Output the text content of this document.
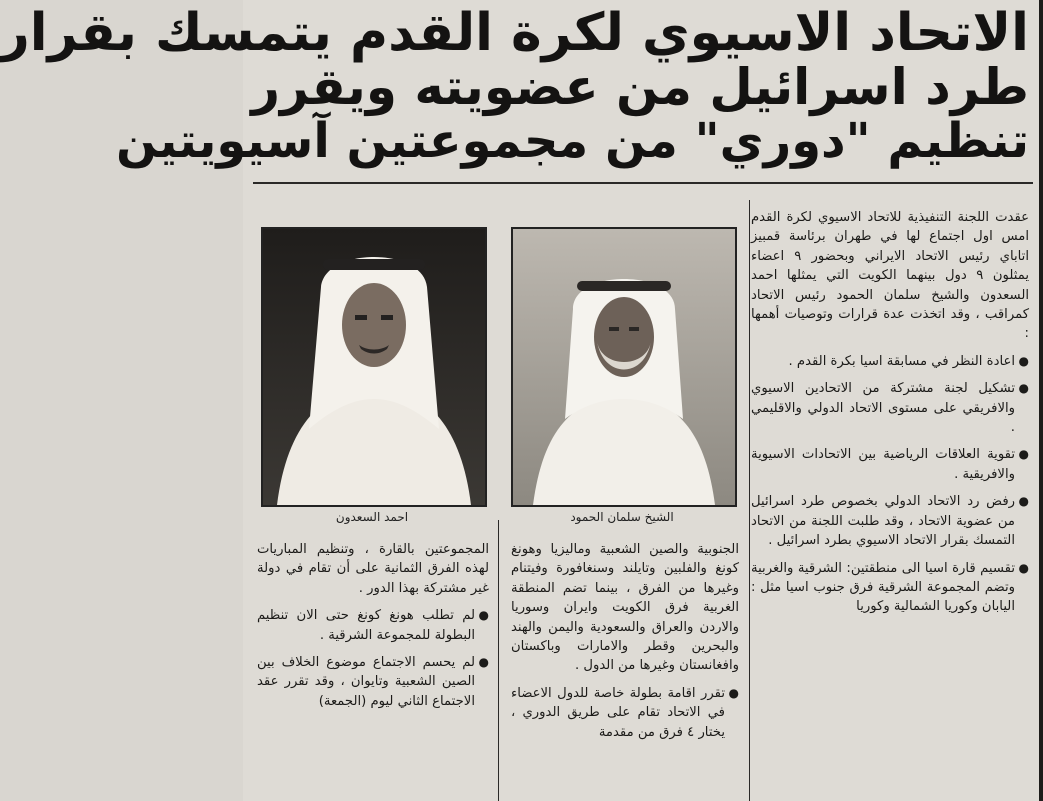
الاتحاد الاسيوي لكرة القدم يتمسك بقرار
طرد اسرائيل من عضويته ويقرر
تنظيم "دوري" من مجموعتين آسيويتين
الشيخ سلمان الحمود
احمد السعدون

عقدت اللجنة التنفيذية للاتحاد الاسيوي لكرة القدم امس اول اجتماع لها في طهران برئاسة قمبيز اتاباي رئيس الاتحاد الايراني وبحضور ٩ اعضاء يمثلون ٩ دول بينهما الكويت التي يمثلها احمد السعدون والشيخ سلمان الحمود رئيس الاتحاد كمراقب ، وقد اتخذت عدة قرارات وتوصيات أهمها :

● اعادة النظر في مسابقة اسيا بكرة القدم .

● تشكيل لجنة مشتركة من الاتحادين الاسيوي والافريقي على مستوى الاتحاد الدولي والاقليمي .

● تقوية العلاقات الرياضية بين الاتحادات الاسيوية والافريقية .

● رفض رد الاتحاد الدولي بخصوص طرد اسرائيل من عضوية الاتحاد ، وقد طلبت اللجنة من الاتحاد التمسك بقرار الاتحاد الاسيوي بطرد اسرائيل .

● تقسيم قارة اسيا الى منطقتين: الشرقية والغربية وتضم المجموعة الشرقية فرق جنوب اسيا مثل : اليابان وكوريا الشمالية وكوريا

الجنوبية والصين الشعبية وماليزيا وهونغ كونغ والفلبين وتايلند وسنغافورة وفيتنام وغيرها من الفرق ، بينما تضم المنطقة الغربية فرق الكويت وايران وسوريا والاردن والعراق والسعودية واليمن والهند والبحرين وقطر والامارات وباكستان وافغانستان وغيرها من الدول .

● تقرر اقامة بطولة خاصة للدول الاعضاء في الاتحاد تقام على طريق الدوري ، يختار ٤ فرق من مقدمة

المجموعتين بالقارة ، وتنظيم المباريات لهذه الفرق الثمانية على أن تقام في دولة غير مشتركة بهذا الدور .

● لم تطلب هونغ كونغ حتى الان تنظيم البطولة للمجموعة الشرقية .

● لم يحسم الاجتماع موضوع الخلاف بين الصين الشعبية وتايوان ، وقد تقرر عقد الاجتماع الثاني ليوم (الجمعة)
